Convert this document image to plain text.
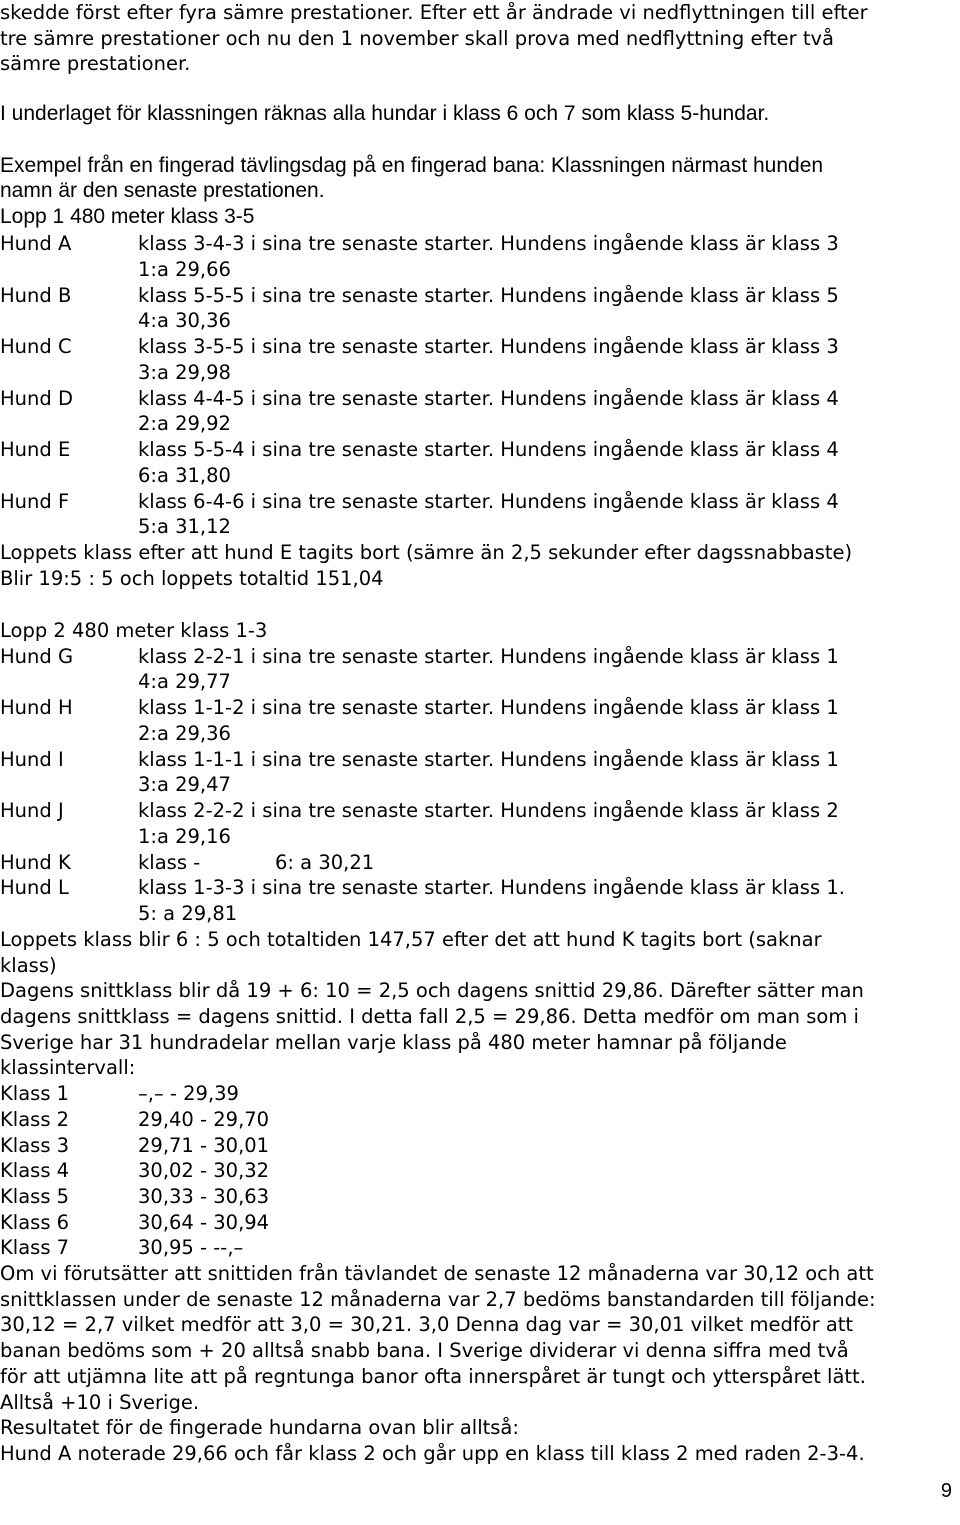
skedde först efter fyra sämre prestationer. Efter ett år ändrade vi nedflyttningen till efter
tre sämre prestationer och nu den 1 november skall prova med nedflyttning efter två
sämre prestationer.
I underlaget för klassningen räknas alla hundar i klass 6 och 7 som klass 5-hundar.
Exempel från en fingerad tävlingsdag på en fingerad bana: Klassningen närmast hunden
namn är den senaste prestationen.
Lopp 1 480 meter klass 3-5
Hund A	klass 3-4-3 i sina tre senaste starter. Hundens ingående klass är klass 3
1:a 29,66
Hund B	klass 5-5-5 i sina tre senaste starter. Hundens ingående klass är klass 5
4:a 30,36
Hund C	klass 3-5-5 i sina tre senaste starter. Hundens ingående klass är klass 3
3:a 29,98
Hund D	klass 4-4-5 i sina tre senaste starter. Hundens ingående klass är klass 4
2:a 29,92
Hund E	klass 5-5-4 i sina tre senaste starter. Hundens ingående klass är klass 4
6:a 31,80
Hund F	klass 6-4-6 i sina tre senaste starter. Hundens ingående klass är klass 4
5:a 31,12
Loppets klass efter att hund E tagits bort (sämre än 2,5 sekunder efter dagssnabbaste)
Blir 19:5 : 5 och loppets totaltid 151,04
Lopp 2 480 meter klass 1-3
Hund G	klass 2-2-1 i sina tre senaste starter. Hundens ingående klass är klass 1
4:a 29,77
Hund H	klass 1-1-2 i sina tre senaste starter. Hundens ingående klass är klass 1
2:a 29,36
Hund I	klass 1-1-1 i sina tre senaste starter. Hundens ingående klass är klass 1
3:a 29,47
Hund J	klass 2-2-2 i sina tre senaste starter. Hundens ingående klass är klass 2
1:a 29,16
Hund K	klass -	6: a 30,21
Hund L	klass 1-3-3 i sina tre senaste starter. Hundens ingående klass är klass 1.
5: a 29,81
Loppets klass blir 6 : 5 och totaltiden 147,57 efter det att hund K tagits bort (saknar
klass)
Dagens snittklass blir då 19 + 6: 10 = 2,5 och dagens snittid 29,86. Därefter sätter man
dagens snittklass = dagens snittid. I detta fall 2,5 = 29,86. Detta medför om man som i
Sverige har 31 hundradelar mellan varje klass på 480 meter hamnar på följande
klassintervall:
Klass 1	–,– - 29,39
Klass 2	29,40 - 29,70
Klass 3	29,71 - 30,01
Klass 4	30,02 - 30,32
Klass 5	30,33 - 30,63
Klass 6	30,64 - 30,94
Klass 7	30,95 - --,–
Om vi förutsätter att snittiden från tävlandet de senaste 12 månaderna var 30,12 och att
snittklassen under de senaste 12 månaderna var 2,7 bedöms banstandarden till följande:
30,12 = 2,7 vilket medför att 3,0 = 30,21. 3,0 Denna dag var = 30,01 vilket medför att
banan bedöms som + 20 alltså snabb bana. I Sverige dividerar vi denna siffra med två
för att utjämna lite att på regntunga banor ofta innerspåret är tungt och ytterspåret lätt.
Alltså +10 i Sverige.
Resultatet för de fingerade hundarna ovan blir alltså:
Hund A noterade 29,66 och får klass 2 och går upp en klass till klass 2 med raden 2-3-4.
9
